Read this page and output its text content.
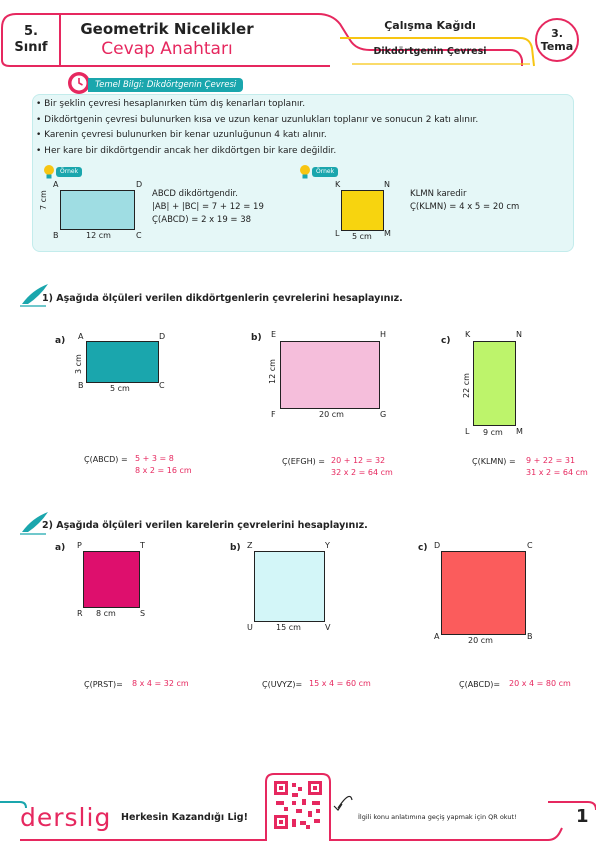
5.
Sınıf
Geometrik Nicelikler
Cevap Anahtarı
Çalışma Kağıdı
Dikdörtgenin Çevresi
3.
Tema
Temel Bilgi: Dikdörtgenin Çevresi
• Bir şeklin çevresi hesaplanırken tüm dış kenarları toplanır.
• Dikdörtgenin çevresi bulunurken kısa ve uzun kenar uzunlukları toplanır ve sonucun 2 katı alınır.
• Karenin çevresi bulunurken bir kenar uzunluğunun 4 katı alınır.
• Her kare bir dikdörtgendir ancak her dikdörtgen bir kare değildir.
Örnek
A	D
B	C
7 cm
12 cm
ABCD dikdörtgendir.
|AB| + |BC| = 7 + 12 = 19
Ç(ABCD) = 2 x 19 = 38
Örnek
K	N
L	M
5 cm
KLMN karedir
Ç(KLMN) = 4 x 5 = 20 cm
1) Aşağıda ölçüleri verilen dikdörtgenlerin çevrelerini hesaplayınız.
a) A	D
B	C
3 cm
5 cm
Ç(ABCD) = 5 + 3 = 8
8 x 2 = 16 cm
b) E	H
F	G
12 cm
20 cm
Ç(EFGH) = 20 + 12 = 32
32 x 2 = 64 cm
c)
K	N
L	M
22 cm
9 cm
Ç(KLMN) = 9 + 22 = 31
31 x 2 = 64 cm
2) Aşağıda ölçüleri verilen karelerin çevrelerini hesaplayınız.
a) P	T
R	S
8 cm
Ç(PRST)= 8 x 4 = 32 cm
b) Z	Y
U	V
15 cm
Ç(UVYZ)= 15 x 4 = 60 cm
c) D	C
A	B
20 cm
Ç(ABCD)= 20 x 4 = 80 cm
derslig Herkesin Kazandığı Lig!	İlgili konu anlatımına geçiş yapmak için QR okut!	1
